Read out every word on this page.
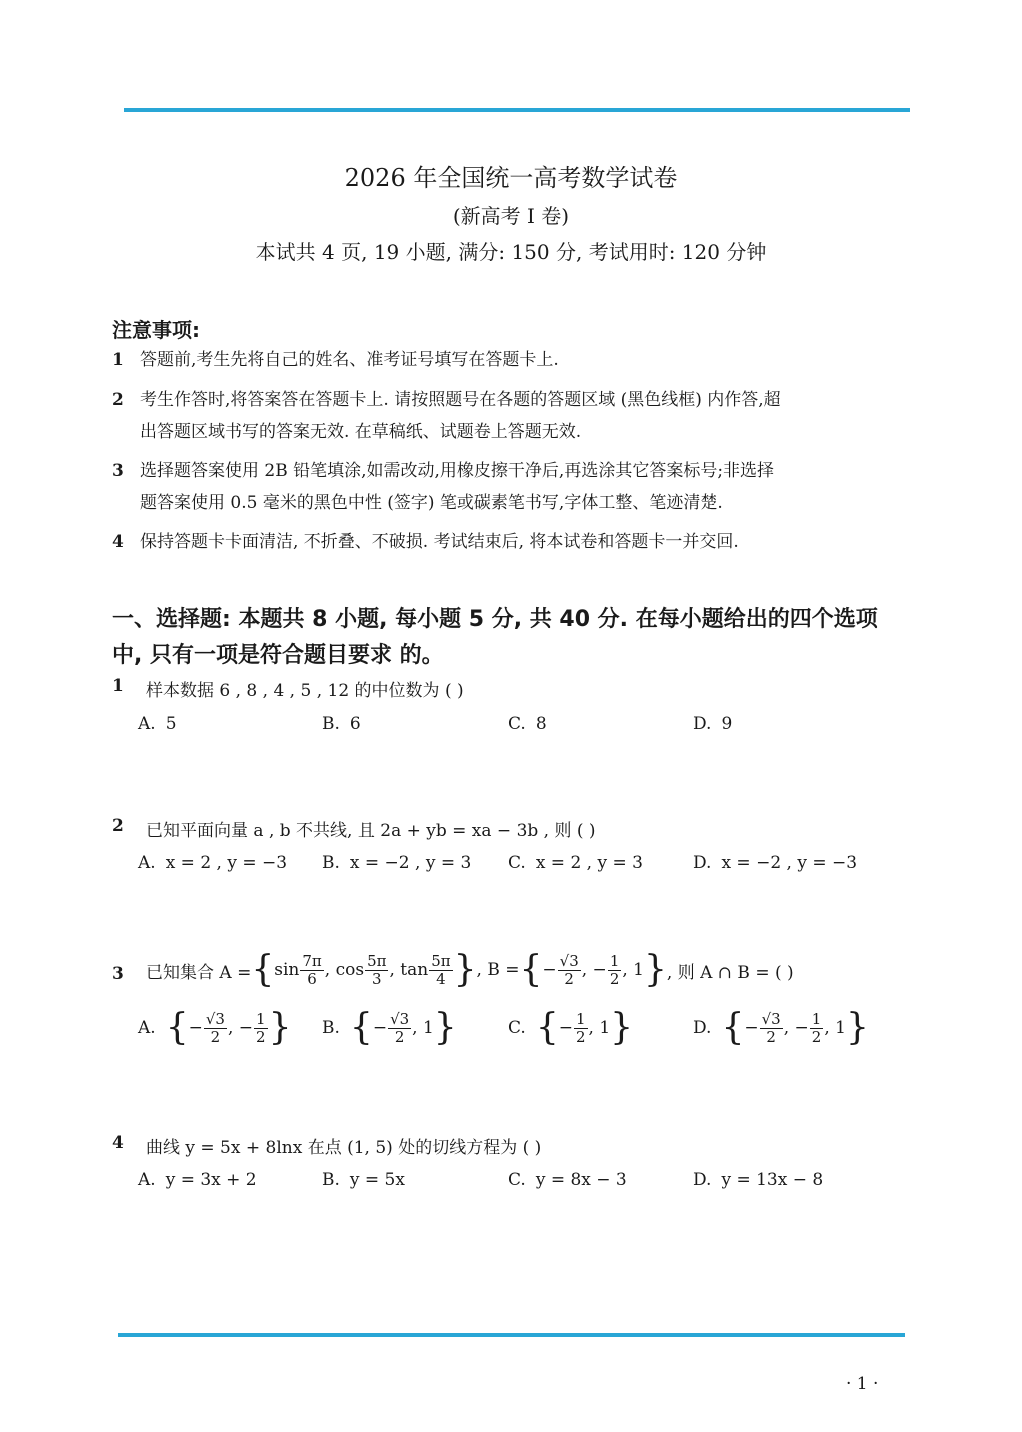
2026 年全国统一高考数学试卷
(新高考 I 卷)
本试共 4 页, 19 小题, 满分: 150 分, 考试用时: 120 分钟
注意事项:
1 答题前,考生先将自己的姓名、准考证号填写在答题卡上.
2 考生作答时,将答案答在答题卡上. 请按照题号在各题的答题区域 (黑色线框) 内作答,超
出答题区域书写的答案无效. 在草稿纸、试题卷上答题无效.
3 选择题答案使用 2B 铅笔填涂,如需改动,用橡皮擦干净后,再选涂其它答案标号;非选择
题答案使用 0.5 毫米的黑色中性 (签字) 笔或碳素笔书写,字体工整、笔迹清楚.
4 保持答题卡卡面清洁, 不折叠、不破损. 考试结束后, 将本试卷和答题卡一并交回.
一、选择题: 本题共 8 小题, 每小题 5 分, 共 40 分. 在每小题给出的四个选项
中, 只有一项是符合题目要求 的。
1 样本数据 6 , 8 , 4 , 5 , 12 的中位数为 ( )
A. 5	B. 6	C. 8	D. 9
2 已知平面向量 a , b 不共线, 且 2a + yb = xa − 3b , 则 ( )
A. x = 2 , y = −3 B. x = −2 , y = 3 C. x = 2 , y = 3	D. x = −2 , y = −3
3 已知集合 A = { $\sin \frac{7\pi}{6}$ , $\cos \frac{5\pi}{3}$ , $\tan \frac{5\pi}{4}$ } , B = { − $\frac{√3}{2}$ , − $\frac{1}{2}$ , 1 } , 则 A ∩ B = ( )
A. { − $\frac{√3}{2}$ , − $\frac{1}{2}$ } B. { − $\frac{√3}{2}$ , 1 }	C. { − $\frac{1}{2}$ , 1 }	D. { − $\frac{√3}{2}$ , − $\frac{1}{2}$ , 1 }
4 曲线 y = 5x + 8lnx 在点 (1, 5) 处的切线方程为 ( )
A. y = 3x + 2	B. y = 5x	C. y = 8x − 3	D. y = 13x − 8
· 1 ·
